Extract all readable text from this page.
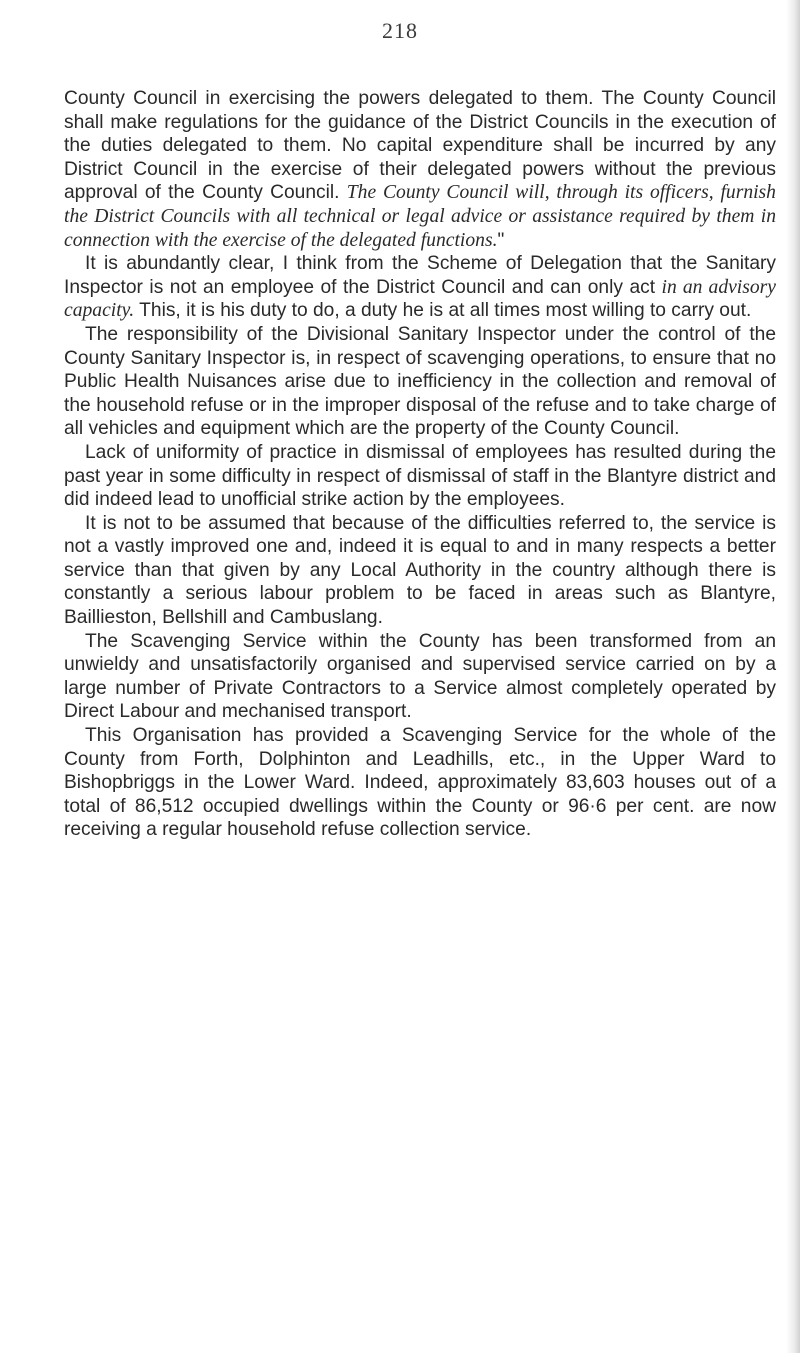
218

County Council in exercising the powers delegated to them. The County Council shall make regulations for the guidance of the District Councils in the execution of the duties delegated to them. No capital expenditure shall be incurred by any District Council in the exercise of their delegated powers without the previous approval of the County Council. The County Council will, through its officers, furnish the District Councils with all technical or legal advice or assistance required by them in connection with the exercise of the delegated functions."

It is abundantly clear, I think from the Scheme of Delegation that the Sanitary Inspector is not an employee of the District Council and can only act in an advisory capacity. This, it is his duty to do, a duty he is at all times most willing to carry out.

The responsibility of the Divisional Sanitary Inspector under the control of the County Sanitary Inspector is, in respect of scavenging operations, to ensure that no Public Health Nuisances arise due to inefficiency in the collection and removal of the household refuse or in the improper disposal of the refuse and to take charge of all vehicles and equipment which are the property of the County Council.

Lack of uniformity of practice in dismissal of employees has resulted during the past year in some difficulty in respect of dismissal of staff in the Blantyre district and did indeed lead to unofficial strike action by the employees.

It is not to be assumed that because of the difficulties referred to, the service is not a vastly improved one and, indeed it is equal to and in many respects a better service than that given by any Local Authority in the country although there is constantly a serious labour problem to be faced in areas such as Blantyre, Baillieston, Bellshill and Cambuslang.

The Scavenging Service within the County has been transformed from an unwieldy and unsatisfactorily organised and supervised service carried on by a large number of Private Contractors to a Service almost completely operated by Direct Labour and mechanised transport.

This Organisation has provided a Scavenging Service for the whole of the County from Forth, Dolphinton and Leadhills, etc., in the Upper Ward to Bishopbriggs in the Lower Ward. Indeed, approximately 83,603 houses out of a total of 86,512 occupied dwellings within the County or 96·6 per cent. are now receiving a regular household refuse collection service.
